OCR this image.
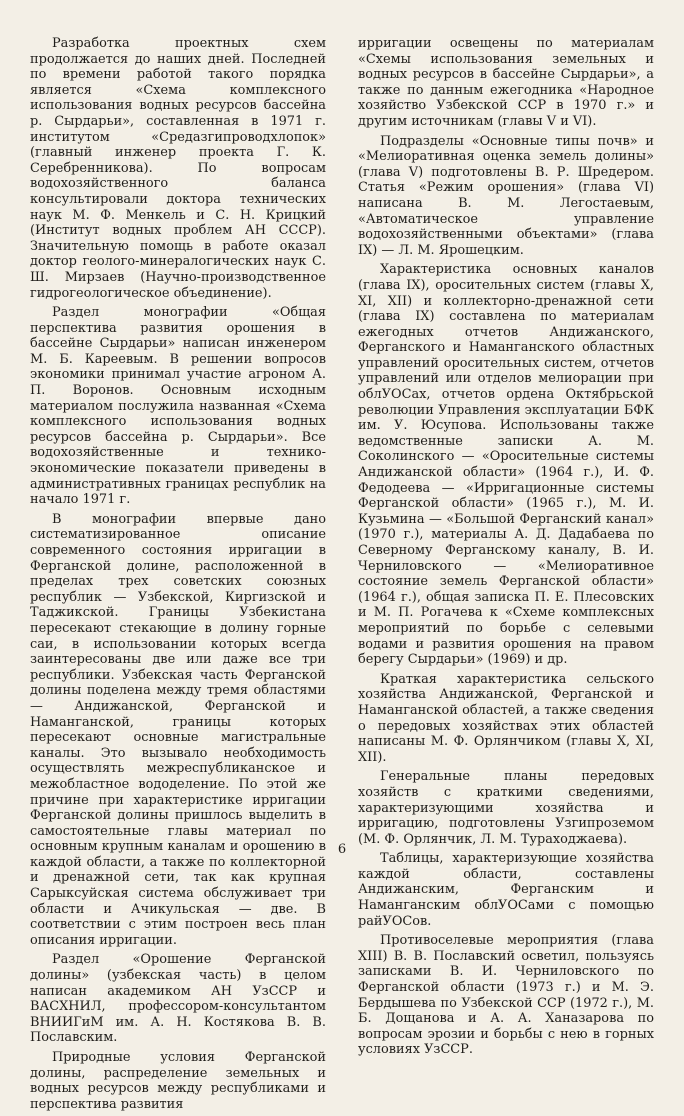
Разработка проектных схем продолжается до наших дней. Последней по времени работой такого порядка является «Схема комплексного использования водных ресурсов бассейна р. Сырдарьи», составленная в 1971 г. институтом «Средазгипроводхлопок» (главный инженер проекта Г. К. Серебренникова). По вопросам водохозяйственного баланса консультировали доктора технических наук М. Ф. Менкель и С. Н. Крицкий (Институт водных проблем АН СССР). Значительную помощь в работе оказал доктор геолого-минералогических наук С. Ш. Мирзаев (Научно-производственное гидрогеологическое объединение).

Раздел монографии «Общая перспектива развития орошения в бассейне Сырдарьи» написан инженером М. Б. Кареевым. В решении вопросов экономики принимал участие агроном А. П. Воронов. Основным исходным материалом послужила названная «Схема комплексного использования водных ресурсов бассейна р. Сырдарьи». Все водохозяйственные и технико-экономические показатели приведены в административных границах республик на начало 1971 г.

В монографии впервые дано систематизированное описание современного состояния ирригации в Ферганской долине, расположенной в пределах трех советских союзных республик — Узбекской, Киргизской и Таджикской. Границы Узбекистана пересекают стекающие в долину горные саи, в использовании которых всегда заинтересованы две или даже все три республики. Узбекская часть Ферганской долины поделена между тремя областями — Андижанской, Ферганской и Наманганской, границы которых пересекают основные магистральные каналы. Это вызывало необходимость осуществлять межреспубликанское и межобластное вододеление. По этой же причине при характеристике ирригации Ферганской долины пришлось выделить в самостоятельные главы материал по основным крупным каналам и орошению в каждой области, а также по коллекторной и дренажной сети, так как крупная Сарыксуйская система обслуживает три области и Ачикульская — две. В соответствии с этим построен весь план описания ирригации.

Раздел «Орошение Ферганской долины» (узбекская часть) в целом написан академиком АН УзССР и ВАСХНИЛ, профессором-консультантом ВНИИГиМ им. А. Н. Костякова В. В. Пославским.

Природные условия Ферганской долины, распределение земельных и водных ресурсов между республиками и перспектива развития

ирригации освещены по материалам «Схемы использования земельных и водных ресурсов в бассейне Сырдарьи», а также по данным ежегодника «Народное хозяйство Узбекской ССР в 1970 г.» и другим источникам (главы V и VI).

Подразделы «Основные типы почв» и «Мелиоративная оценка земель долины» (глава V) подготовлены В. Р. Шредером. Статья «Режим орошения» (глава VI) написана В. М. Легостаевым, «Автоматическое управление водохозяйственными объектами» (глава IX) — Л. М. Ярошецким.

Характеристика основных каналов (глава IX), оросительных систем (главы X, XI, XII) и коллекторно-дренажной сети (глава IX) составлена по материалам ежегодных отчетов Андижанского, Ферганского и Наманганского областных управлений оросительных систем, отчетов управлений или отделов мелиорации при облУОСах, отчетов ордена Октябрьской революции Управления эксплуатации БФК им. У. Юсупова. Использованы также ведомственные записки А. М. Соколинского — «Оросительные системы Андижанской области» (1964 г.), И. Ф. Федодеева — «Ирригационные системы Ферганской области» (1965 г.), М. И. Кузьмина — «Большой Ферганский канал» (1970 г.), материалы А. Д. Дадабаева по Северному Ферганскому каналу, В. И. Черниловского — «Мелиоративное состояние земель Ферганской области» (1964 г.), общая записка П. Е. Плесовских и М. П. Рогачева к «Схеме комплексных мероприятий по борьбе с селевыми водами и развития орошения на правом берегу Сырдарьи» (1969) и др.

Краткая характеристика сельского хозяйства Андижанской, Ферганской и Наманганской областей, а также сведения о передовых хозяйствах этих областей написаны М. Ф. Орлянчиком (главы X, XI, XII).

Генеральные планы передовых хозяйств с краткими сведениями, характеризующими хозяйства и ирригацию, подготовлены Узгипроземом (М. Ф. Орлянчик, Л. М. Тураходжаева).

Таблицы, характеризующие хозяйства каждой области, составлены Андижанским, Ферганским и Наманганским облУОСами с помощью райУОСов.

Противоселевые мероприятия (глава XIII) В. В. Пославский осветил, пользуясь записками В. И. Черниловского по Ферганской области (1973 г.) и М. Э. Бердышева по Узбекской ССР (1972 г.), М. Б. Дощанова и А. А. Ханазарова по вопросам эрозии и борьбы с нею в горных условиях УзССР.

6
